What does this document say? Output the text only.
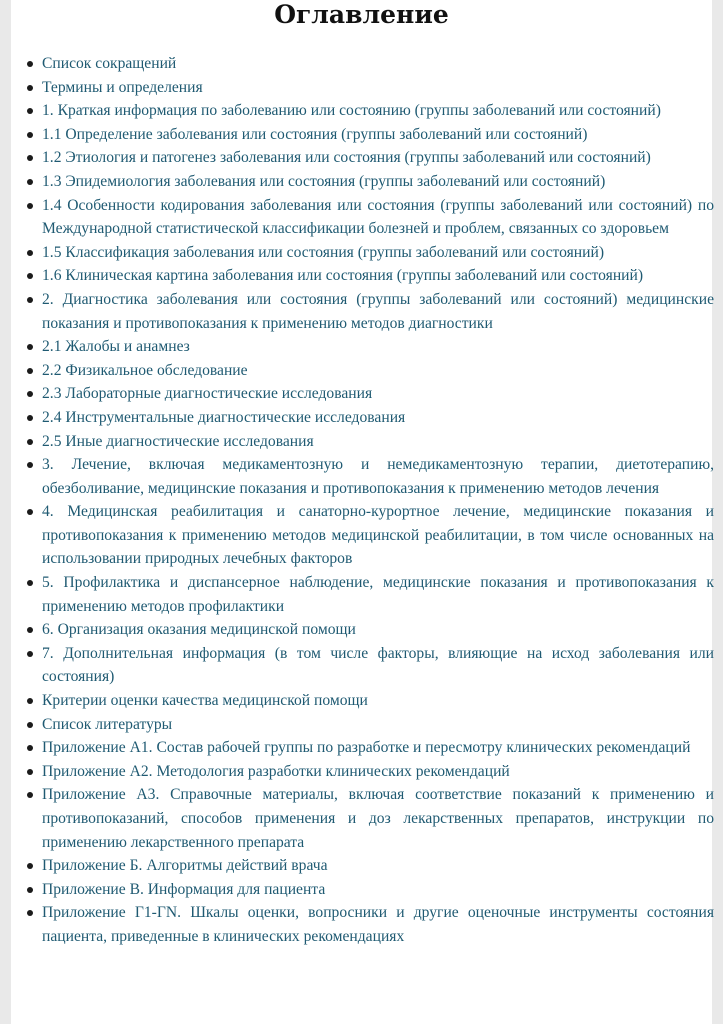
Оглавление
Список сокращений
Термины и определения
1. Краткая информация по заболеванию или состоянию (группы заболеваний или состояний)
1.1 Определение заболевания или состояния (группы заболеваний или состояний)
1.2 Этиология и патогенез заболевания или состояния (группы заболеваний или состояний)
1.3 Эпидемиология заболевания или состояния (группы заболеваний или состояний)
1.4 Особенности кодирования заболевания или состояния (группы заболеваний или состояний) по Международной статистической классификации болезней и проблем, связанных со здоровьем
1.5 Классификация заболевания или состояния (группы заболеваний или состояний)
1.6 Клиническая картина заболевания или состояния (группы заболеваний или состояний)
2. Диагностика заболевания или состояния (группы заболеваний или состояний) медицинские показания и противопоказания к применению методов диагностики
2.1 Жалобы и анамнез
2.2 Физикальное обследование
2.3 Лабораторные диагностические исследования
2.4 Инструментальные диагностические исследования
2.5 Иные диагностические исследования
3. Лечение, включая медикаментозную и немедикаментозную терапии, диетотерапию, обезболивание, медицинские показания и противопоказания к применению методов лечения
4. Медицинская реабилитация и санаторно-курортное лечение, медицинские показания и противопоказания к применению методов медицинской реабилитации, в том числе основанных на использовании природных лечебных факторов
5. Профилактика и диспансерное наблюдение, медицинские показания и противопоказания к применению методов профилактики
6. Организация оказания медицинской помощи
7. Дополнительная информация (в том числе факторы, влияющие на исход заболевания или состояния)
Критерии оценки качества медицинской помощи
Список литературы
Приложение А1. Состав рабочей группы по разработке и пересмотру клинических рекомендаций
Приложение А2. Методология разработки клинических рекомендаций
Приложение А3. Справочные материалы, включая соответствие показаний к применению и противопоказаний, способов применения и доз лекарственных препаратов, инструкции по применению лекарственного препарата
Приложение Б. Алгоритмы действий врача
Приложение В. Информация для пациента
Приложение Г1-ГN. Шкалы оценки, вопросники и другие оценочные инструменты состояния пациента, приведенные в клинических рекомендациях
